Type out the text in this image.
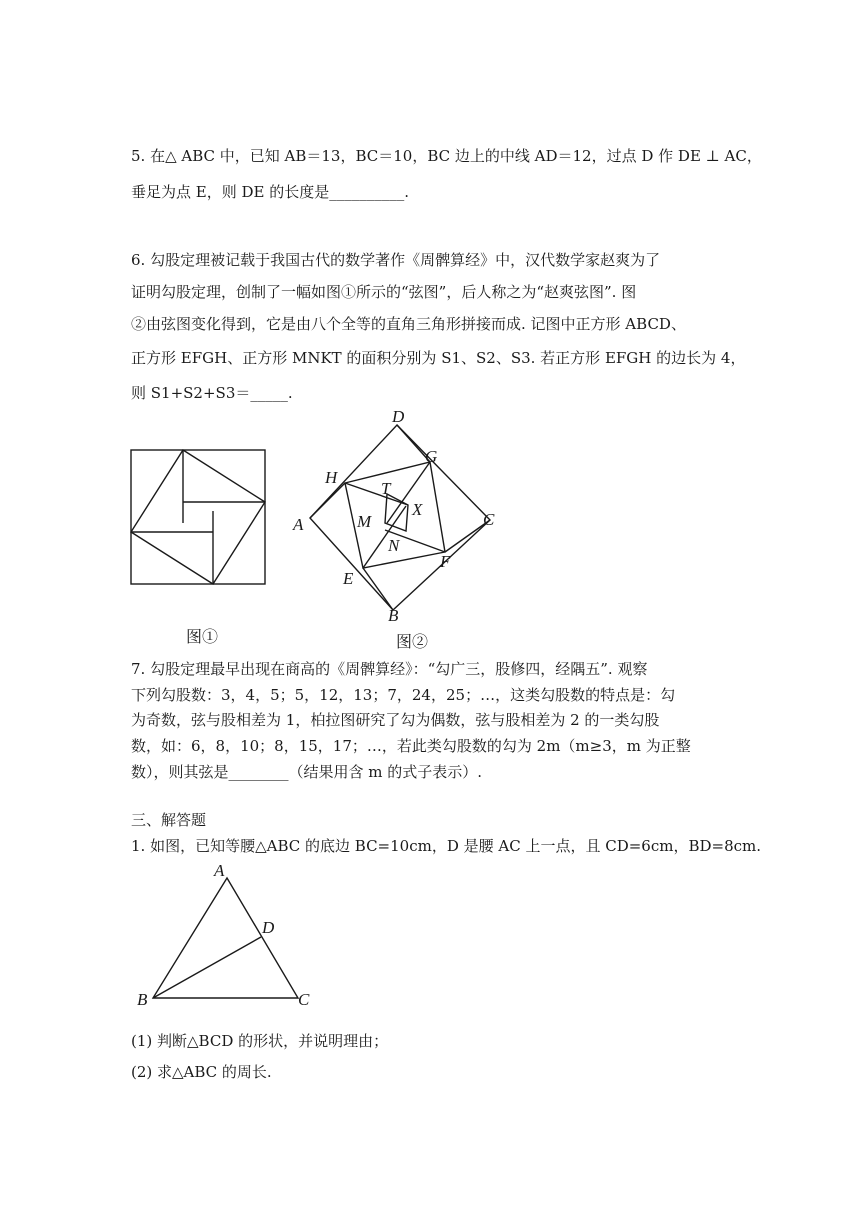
5. 在△ ABC 中，已知 AB＝13，BC＝10，BC 边上的中线 AD＝12，过点 D 作 DE ⊥ AC，
垂足为点 E，则 DE 的长度是__________.
6. 勾股定理被记载于我国古代的数学著作《周髀算经》中，汉代数学家赵爽为了
证明勾股定理，创制了一幅如图①所示的“弦图”，后人称之为“赵爽弦图”. 图
②由弦图变化得到，它是由八个全等的直角三角形拼接而成. 记图中正方形 ABCD、
正方形 EFGH、正方形 MNKT 的面积分别为 S1、S2、S3. 若正方形 EFGH 的边长为 4，
则 S1+S2+S3＝_____.
图①
D
G
H
T
X
A	M	C
N
F
E
B
图②
7. 勾股定理最早出现在商高的《周髀算经》：“勾广三，股修四，经隅五”. 观察
下列勾股数：3，4，5；5，12，13；7，24，25；…，这类勾股数的特点是：勾
为奇数，弦与股相差为 1，柏拉图研究了勾为偶数，弦与股相差为 2 的一类勾股
数，如：6，8，10；8，15，17；…，若此类勾股数的勾为 2m（m≥3，m 为正整
数），则其弦是________（结果用含 m 的式子表示）.
三、解答题
1. 如图，已知等腰△ABC 的底边 BC=10cm，D 是腰 AC 上一点，且 CD=6cm，BD=8cm.
A
D
B	C
(1) 判断△BCD 的形状，并说明理由；
(2) 求△ABC 的周长.
